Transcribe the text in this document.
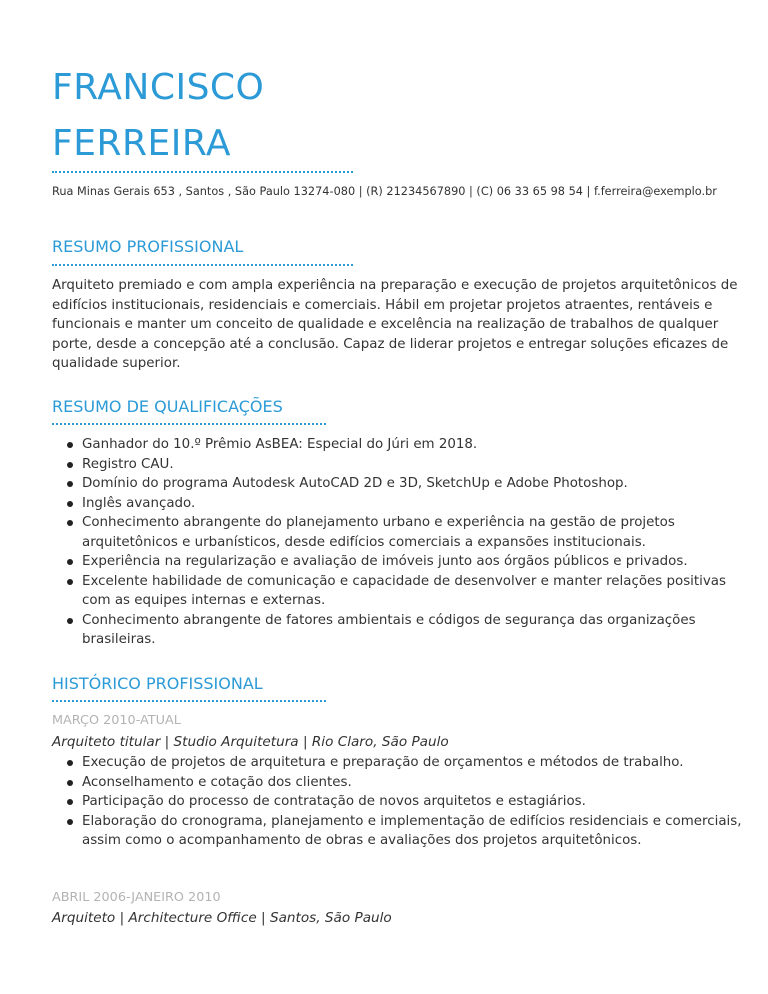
FRANCISCO
FERREIRA
Rua Minas Gerais 653 , Santos , São Paulo 13274-080 | (R) 21234567890 | (C) 06 33 65 98 54 | f.ferreira@exemplo.br
RESUMO PROFISSIONAL
Arquiteto premiado e com ampla experiência na preparação e execução de projetos arquitetônicos de edifícios institucionais, residenciais e comerciais. Hábil em projetar projetos atraentes, rentáveis e funcionais e manter um conceito de qualidade e excelência na realização de trabalhos de qualquer porte, desde a concepção até a conclusão. Capaz de liderar projetos e entregar soluções eficazes de qualidade superior.
RESUMO DE QUALIFICAÇÕES
Ganhador do 10.º Prêmio AsBEA: Especial do Júri em 2018.
Registro CAU.
Domínio do programa Autodesk AutoCAD 2D e 3D, SketchUp e Adobe Photoshop.
Inglês avançado.
Conhecimento abrangente do planejamento urbano e experiência na gestão de projetos arquitetônicos e urbanísticos, desde edifícios comerciais a expansões institucionais.
Experiência na regularização e avaliação de imóveis junto aos órgãos públicos e privados.
Excelente habilidade de comunicação e capacidade de desenvolver e manter relações positivas com as equipes internas e externas.
Conhecimento abrangente de fatores ambientais e códigos de segurança das organizações brasileiras.
HISTÓRICO PROFISSIONAL
MARÇO 2010-ATUAL
Arquiteto titular | Studio Arquitetura | Rio Claro, São Paulo
Execução de projetos de arquitetura e preparação de orçamentos e métodos de trabalho.
Aconselhamento e cotação dos clientes.
Participação do processo de contratação de novos arquitetos e estagiários.
Elaboração do cronograma, planejamento e implementação de edifícios residenciais e comerciais, assim como o acompanhamento de obras e avaliações dos projetos arquitetônicos.
ABRIL 2006-JANEIRO 2010
Arquiteto | Architecture Office | Santos, São Paulo
